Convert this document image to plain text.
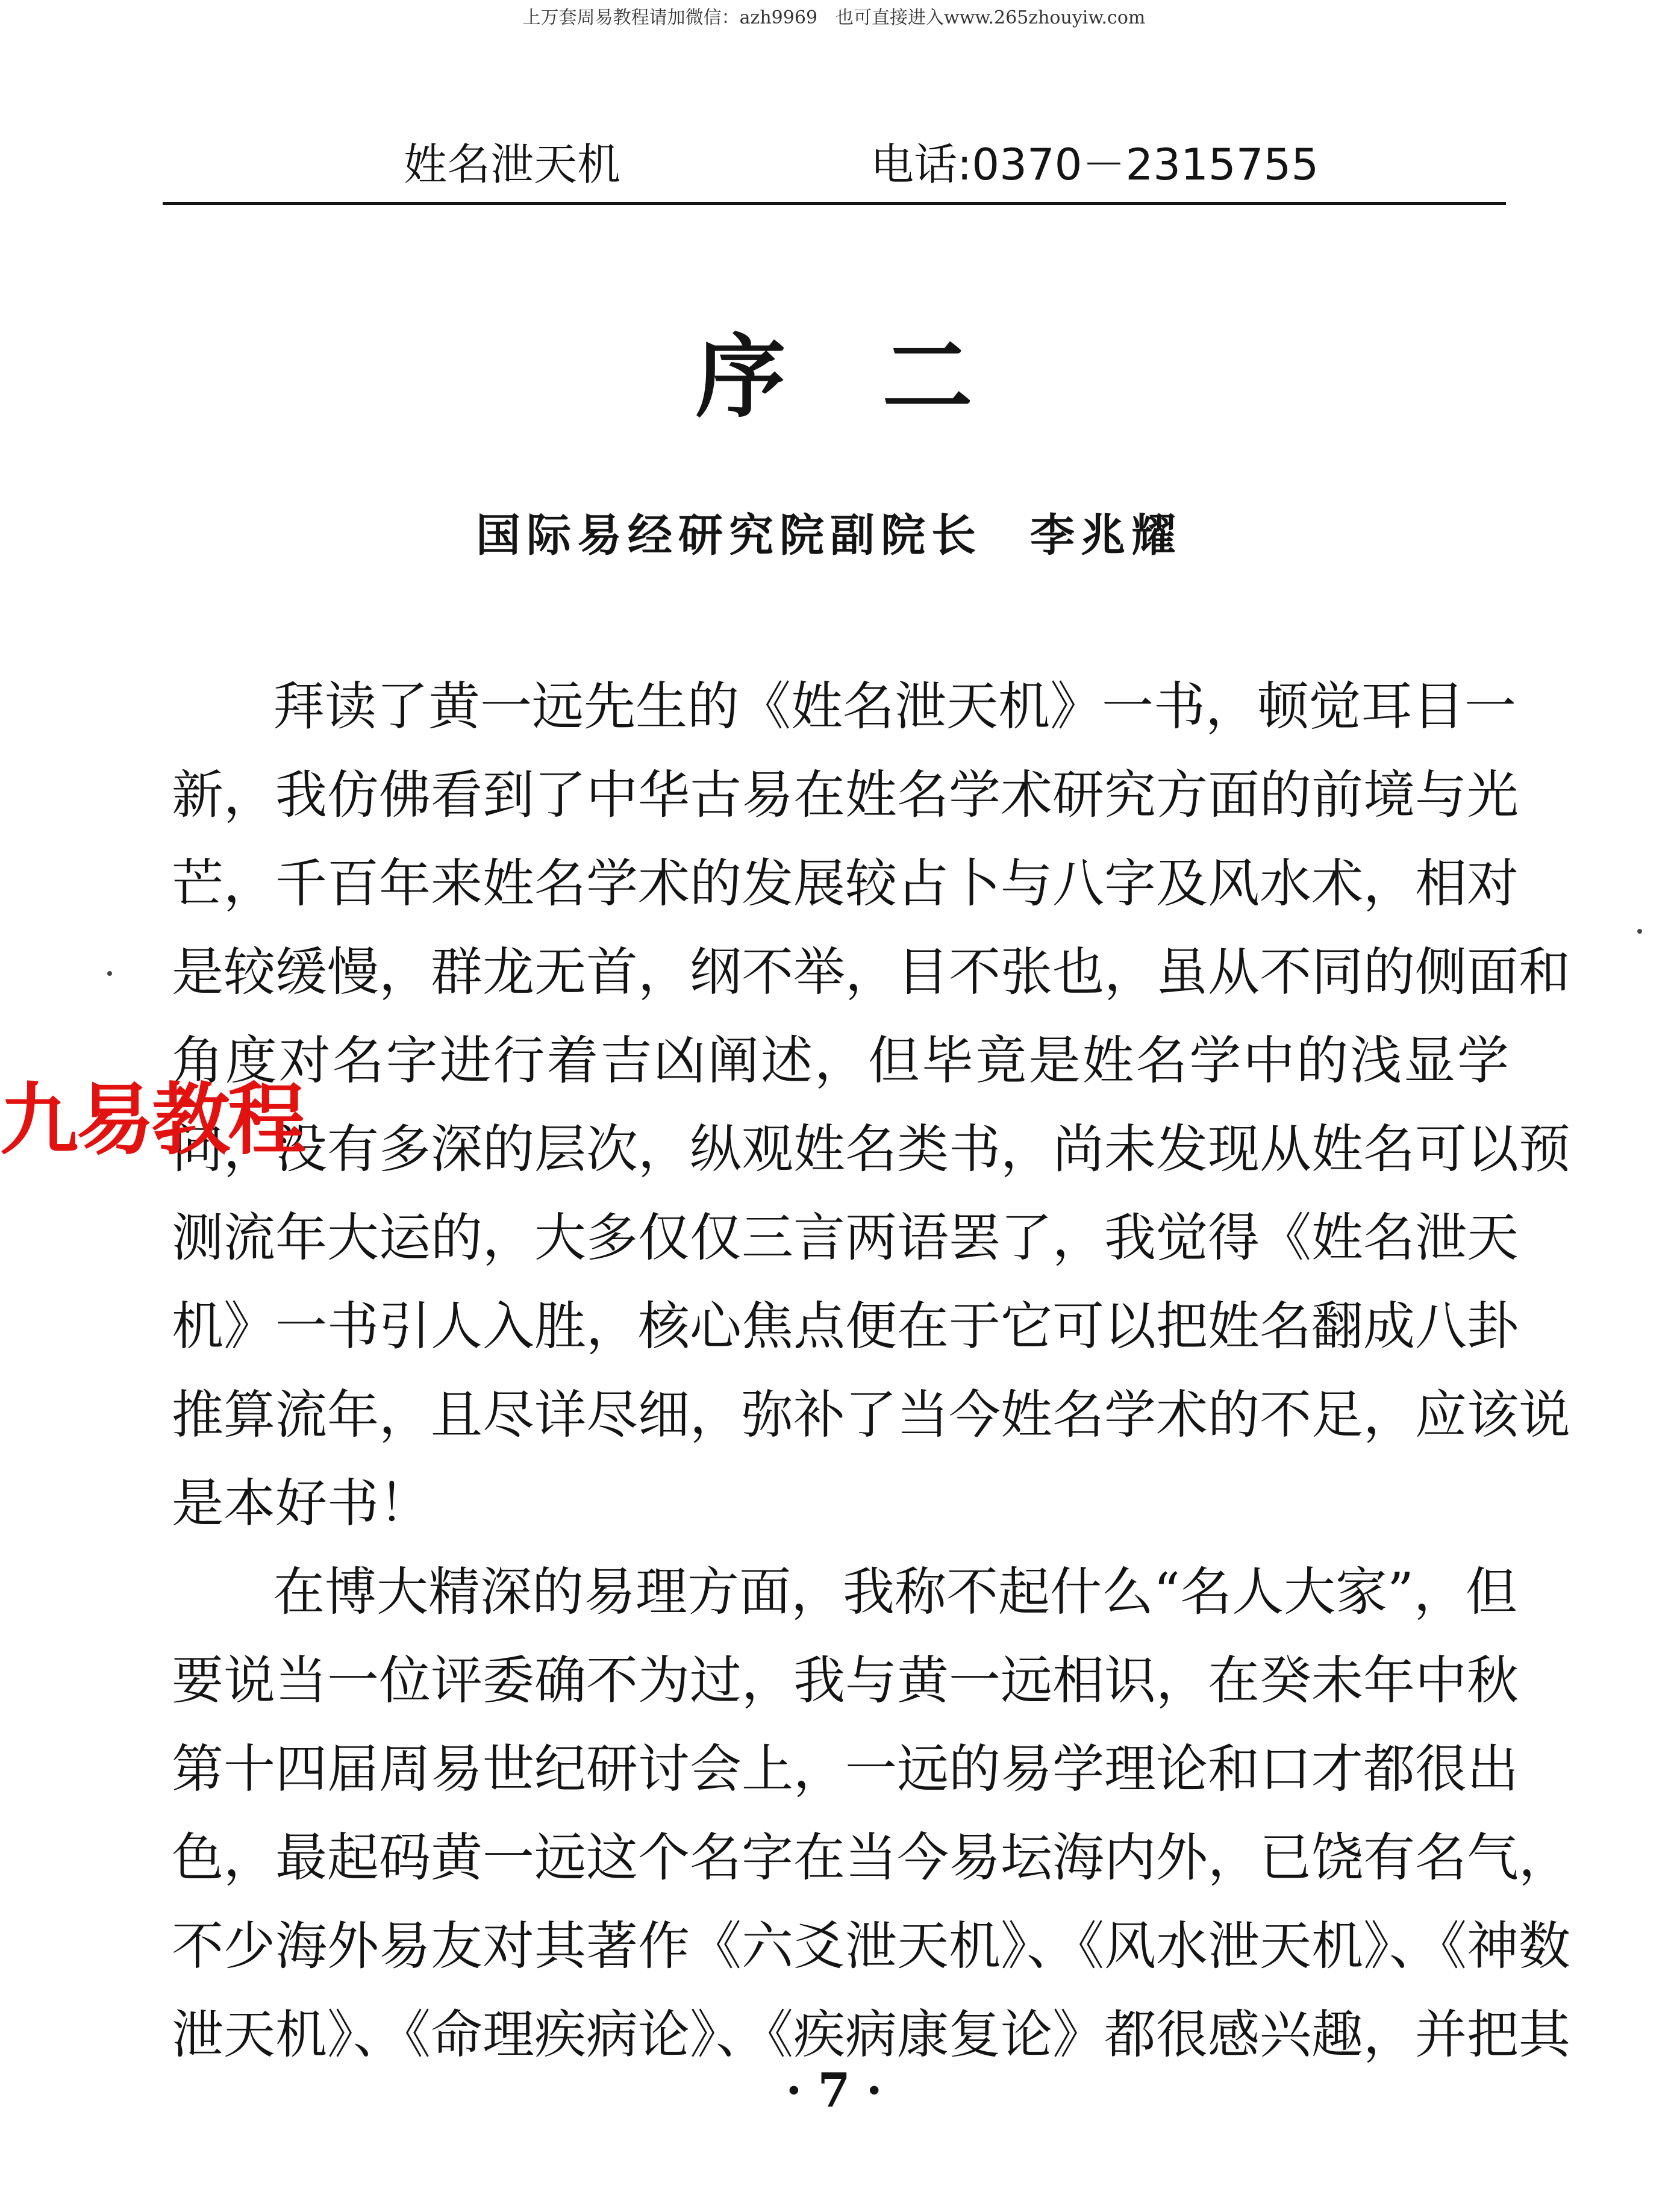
上万套周易教程请加微信：azh9969　也可直接进入www.265zhouyiw.com
姓名泄天机	电话:0370－2315755
序二
国际易经研究院副院长 李兆耀
拜读了黄一远先生的《姓名泄天机》一书，顿觉耳目一
新，我仿佛看到了中华古易在姓名学术研究方面的前境与光
芒，千百年来姓名学术的发展较占卜与八字及风水术，相对
是较缓慢，群龙无首，纲不举，目不张也，虽从不同的侧面和
角度对名字进行着吉凶阐述，但毕竟是姓名学中的浅显学
问，没有多深的层次，纵观姓名类书，尚未发现从姓名可以预
测流年大运的，大多仅仅三言两语罢了，我觉得《姓名泄天
机》一书引人入胜，核心焦点便在于它可以把姓名翻成八卦
推算流年，且尽详尽细，弥补了当今姓名学术的不足，应该说
是本好书！
在博大精深的易理方面，我称不起什么“名人大家”，但
要说当一位评委确不为过，我与黄一远相识，在癸未年中秋
第十四届周易世纪研讨会上，一远的易学理论和口才都很出
色，最起码黄一远这个名字在当今易坛海内外，已饶有名气，
不少海外易友对其著作《六爻泄天机》、《风水泄天机》、《神数
泄天机》、《命理疾病论》、《疾病康复论》都很感兴趣，并把其
九易教程
· 7 ·
